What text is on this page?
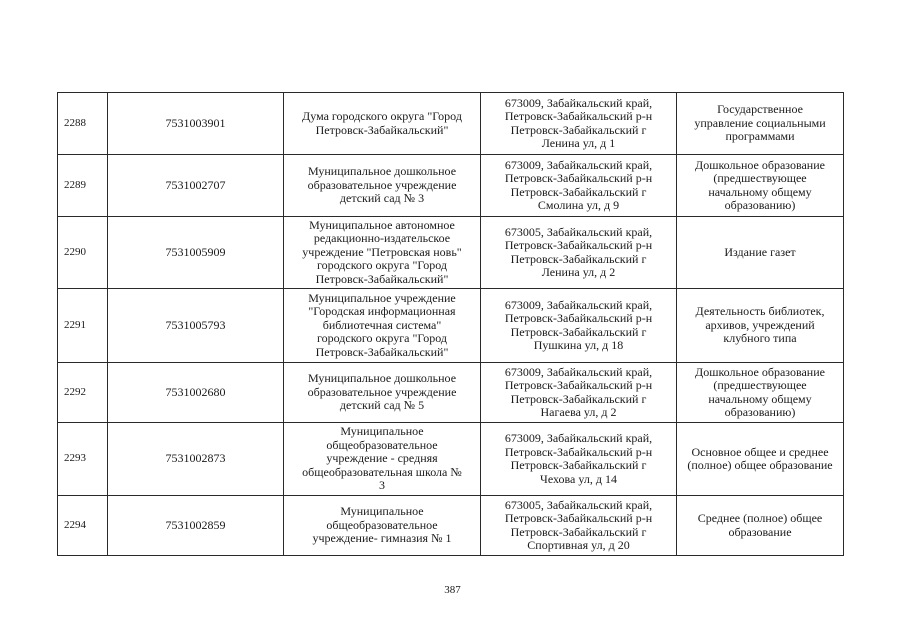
2288	7531003901	Дума городского округа "Город
Петровск-Забайкальский"	673009, Забайкальский край,
Петровск-Забайкальский р-н
Петровск-Забайкальский г
Ленина ул, д 1	Государственное
управление социальными
программами

2289	7531002707	Муниципальное дошкольное
образовательное учреждение
детский сад № 3	673009, Забайкальский край,
Петровск-Забайкальский р-н
Петровск-Забайкальский г
Смолина ул, д 9	Дошкольное образование
(предшествующее
начальному общему
образованию)

2290	7531005909	Муниципальное автономное
редакционно-издательское
учреждение "Петровская новь"
городского округа "Город
Петровск-Забайкальский"	673005, Забайкальский край,
Петровск-Забайкальский р-н
Петровск-Забайкальский г
Ленина ул, д 2	Издание газет

2291	7531005793	Муниципальное учреждение
"Городская информационная
библиотечная система"
городского округа "Город
Петровск-Забайкальский"	673009, Забайкальский край,
Петровск-Забайкальский р-н
Петровск-Забайкальский г
Пушкина ул, д 18	Деятельность библиотек,
архивов, учреждений
клубного типа

2292	7531002680	Муниципальное дошкольное
образовательное учреждение
детский сад № 5	673009, Забайкальский край,
Петровск-Забайкальский р-н
Петровск-Забайкальский г
Нагаева ул, д 2	Дошкольное образование
(предшествующее
начальному общему
образованию)

2293	7531002873	Муниципальное
общеобразовательное
учреждение - средняя
общеобразовательная школа №
3	673009, Забайкальский край,
Петровск-Забайкальский р-н
Петровск-Забайкальский г
Чехова ул, д 14	Основное общее и среднее
(полное) общее образование

2294	7531002859	Муниципальное
общеобразовательное
учреждение- гимназия № 1	673005, Забайкальский край,
Петровск-Забайкальский р-н
Петровск-Забайкальский г
Спортивная ул, д 20	Среднее (полное) общее
образование
387
